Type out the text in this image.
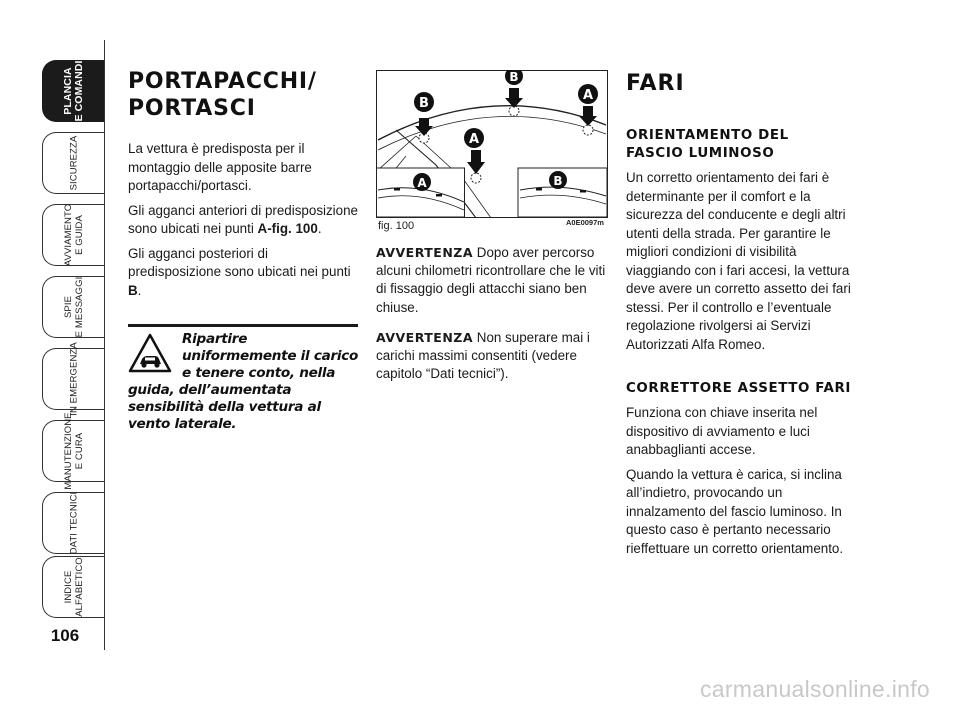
PLANCIA
E COMANDI
SICUREZZA
AVVIAMENTO
E GUIDA
SPIE
E MESSAGGI
IN EMERGENZA
MANUTENZIONE
E CURA
DATI TECNICI
INDICE
ALFABETICO
106
PORTAPACCHI/
PORTASCI

La vettura è predisposta per il montaggio delle apposite barre portapacchi/portasci.

Gli agganci anteriori di predisposizione sono ubicati nei punti A-fig. 100.

Gli agganci posteriori di predisposizione sono ubicati nei punti B.

Ripartire uniformemente il carico e tenere conto, nella guida, dell’aumentata sensibilità della vettura al vento laterale.
B
B
A
A
A	B
fig. 100	A0E0097m

AVVERTENZA Dopo aver percorso alcuni chilometri ricontrollare che le viti di fissaggio degli attacchi siano ben chiuse.

AVVERTENZA Non superare mai i carichi massimi consentiti (vedere capitolo “Dati tecnici”).

FARI
ORIENTAMENTO DEL
FASCIO LUMINOSO

Un corretto orientamento dei fari è determinante per il comfort e la sicurezza del conducente e degli altri utenti della strada. Per garantire le migliori condizioni di visibilità viaggiando con i fari accesi, la vettura deve avere un corretto assetto dei fari stessi. Per il controllo e l’eventuale regolazione rivolgersi ai Servizi Autorizzati Alfa Romeo.

CORRETTORE ASSETTO FARI

Funziona con chiave inserita nel dispositivo di avviamento e luci anabbaglianti accese.

Quando la vettura è carica, si inclina all’indietro, provocando un innalzamento del fascio luminoso. In questo caso è pertanto necessario rieffettuare un corretto orientamento.

carmanualsonline.info
